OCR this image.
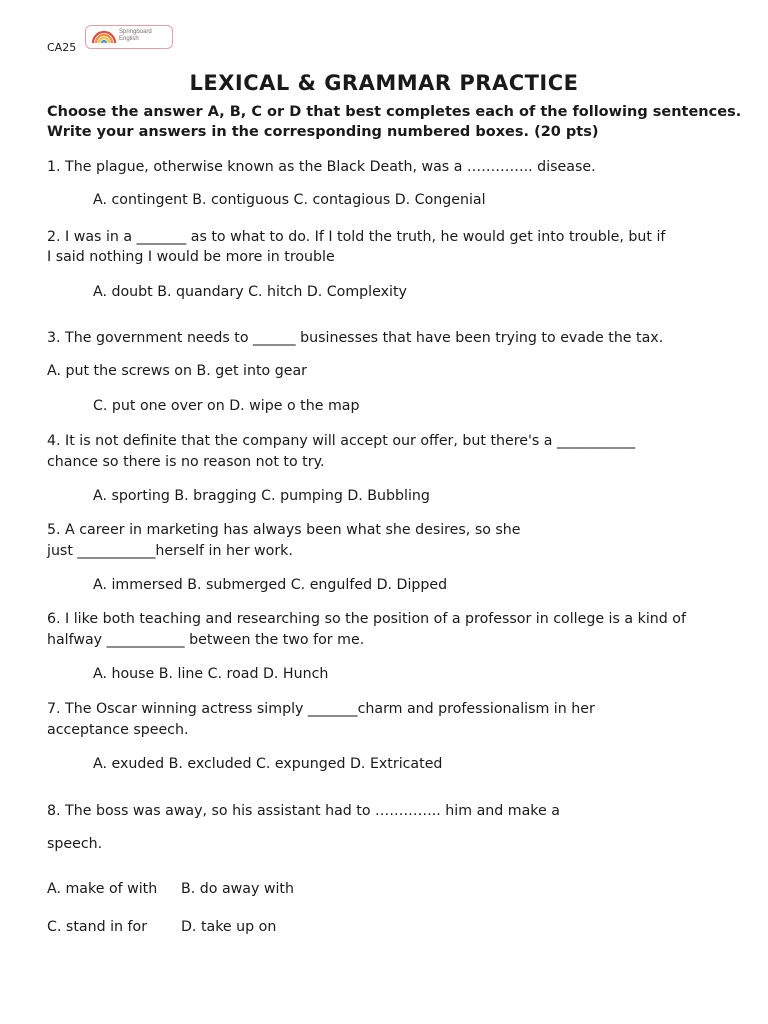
Springboard
English
CA25
LEXICAL & GRAMMAR PRACTICE
Choose the answer A, B, C or D that best completes each of the following sentences. Write your answers in the corresponding numbered boxes. (20 pts)
1. The plague, otherwise known as the Black Death, was a ………….. disease.
A. contingent B. contiguous C. contagious D. Congenial
2. I was in a _______ as to what to do. If I told the truth, he would get into trouble, but if
I said nothing I would be more in trouble
A. doubt B. quandary C. hitch D. Complexity
3. The government needs to ______ businesses that have been trying to evade the tax.
A. put the screws on B. get into gear
C. put one over on D. wipe o the map
4. It is not definite that the company will accept our offer, but there's a ___________
chance so there is no reason not to try.
A. sporting B. bragging C. pumping D. Bubbling
5. A career in marketing has always been what she desires, so she
just ___________herself in her work.
A. immersed B. submerged C. engulfed D. Dipped
6. I like both teaching and researching so the position of a professor in college is a kind of
halfway ___________ between the two for me.
A. house B. line C. road D. Hunch
7. The Oscar winning actress simply _______charm and professionalism in her
acceptance speech.
A. exuded B. excluded C. expunged D. Extricated
8. The boss was away, so his assistant had to ………….. him and make a
speech.
A. make of with B. do away with
C. stand in for D. take up on
